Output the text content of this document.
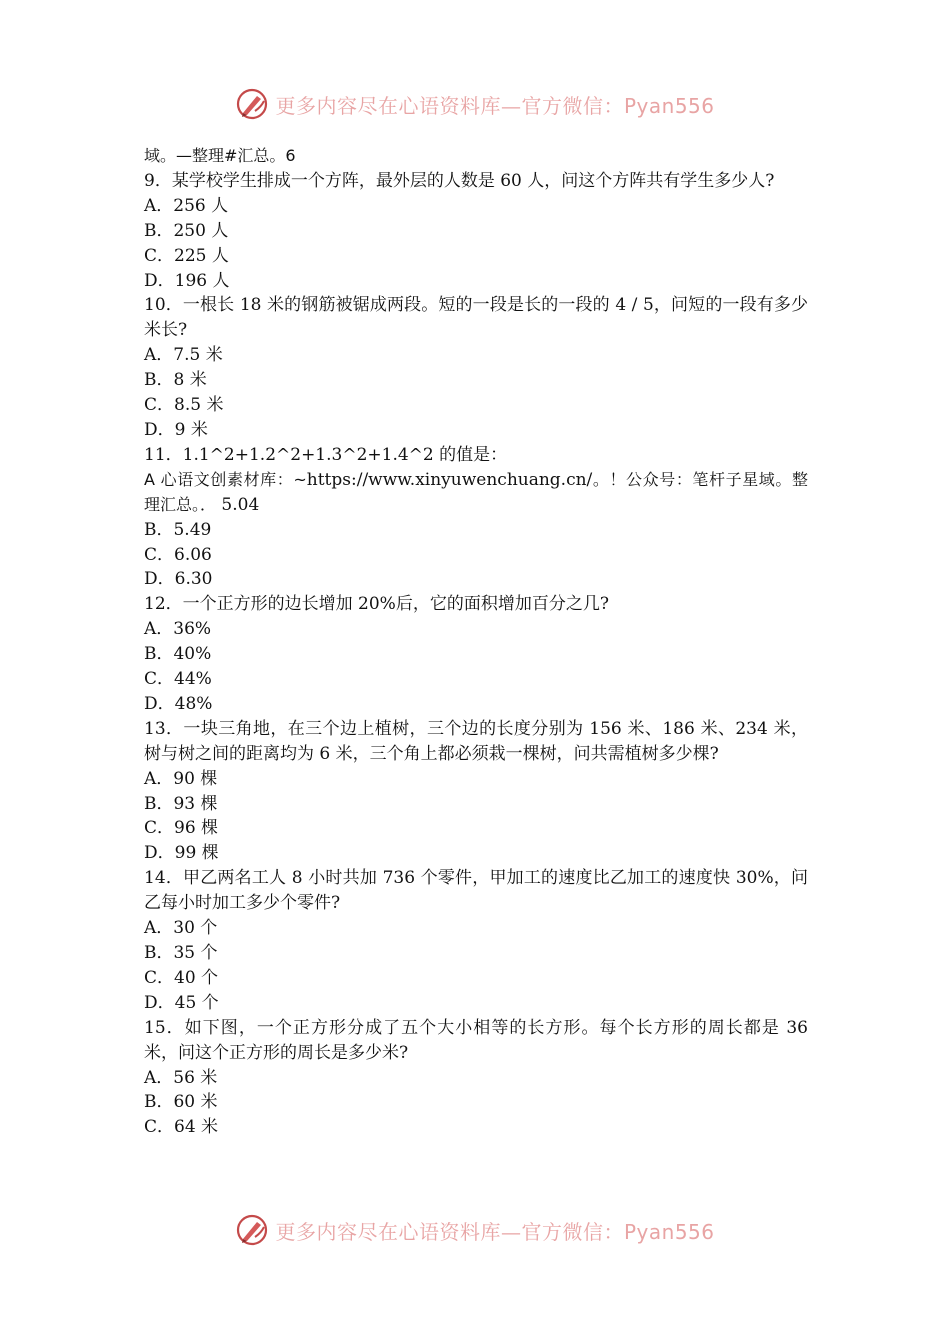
更多内容尽在心语资料库—官方微信：Pyan556

域。—整理#汇总。6

9．某学校学生排成一个方阵，最外层的人数是 60 人，问这个方阵共有学生多少人?

A．256 人

B．250 人

C．225 人

D．196 人

10．一根长 18 米的钢筋被锯成两段。短的一段是长的一段的 4 / 5，问短的一段有多少米长?

A．7.5 米

B．8 米

C．8.5 米

D．9 米

11．1.1^2+1.2^2+1.3^2+1.4^2 的值是：

A 心语文创素材库：~https://www.xinyuwenchuang.cn/。！公众号：笔杆子星域。整理汇总。． 5.04

B．5.49

C．6.06

D．6.30

12．一个正方形的边长增加 20%后，它的面积增加百分之几?

A．36%

B．40%

C．44%

D．48%

13．一块三角地，在三个边上植树，三个边的长度分别为 156 米、186 米、234 米，树与树之间的距离均为 6 米，三个角上都必须栽一棵树，问共需植树多少棵?

A．90 棵

B．93 棵

C．96 棵

D．99 棵

14．甲乙两名工人 8 小时共加 736 个零件，甲加工的速度比乙加工的速度快 30%，问乙每小时加工多少个零件?

A．30 个

B．35 个

C．40 个

D．45 个

15．如下图，一个正方形分成了五个大小相等的长方形。每个长方形的周长都是 36 米，问这个正方形的周长是多少米?

A．56 米

B．60 米

C．64 米

更多内容尽在心语资料库—官方微信：Pyan556
